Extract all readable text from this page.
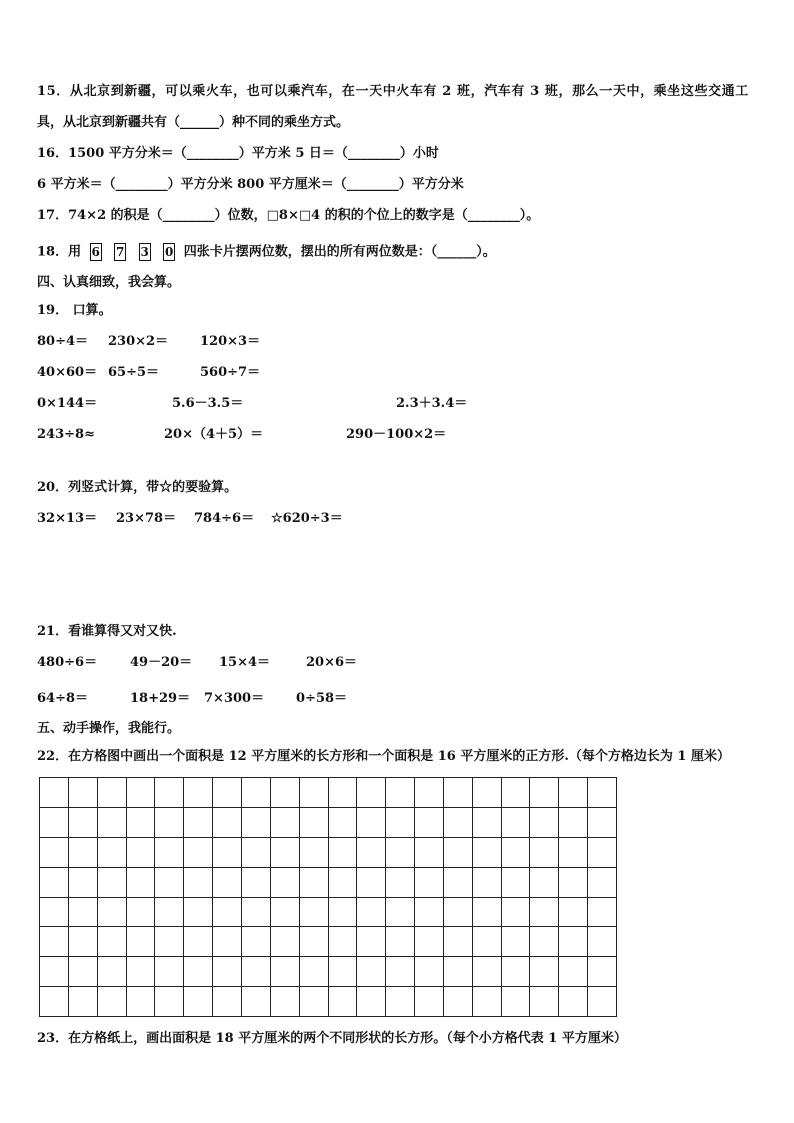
15．从北京到新疆，可以乘火车，也可以乘汽车，在一天中火车有 2 班，汽车有 3 班，那么一天中，乘坐这些交通工
具，从北京到新疆共有（______）种不同的乘坐方式。
16．1500 平方分米＝（________）平方米 5 日＝（________）小时
6 平方米＝（________）平方分米 800 平方厘米＝（________）平方分米
17．74×2 的积是（________）位数，□8×□4 的积的个位上的数字是（________）。
18．用 6 7 3 0 四张卡片摆两位数，摆出的所有两位数是：（______）。
四、认真细致，我会算。
19． 口算。
80÷4＝ 230×2＝ 120×3＝
40×60＝ 65÷5＝	560÷7＝
0×144＝	5.6－3.5＝	2.3＋3.4＝
243÷8≈	20×（4＋5）＝	290－100×2＝
20．列竖式计算，带☆的要验算。
32×13＝ 23×78＝ 784÷6＝ ☆620÷3＝
21．看谁算得又对又快.
480÷6＝	49－20＝ 15×4＝	20×6＝
64÷8＝	18+29＝ 7×300＝ 0÷58＝
五、动手操作，我能行。
22．在方格图中画出一个面积是 12 平方厘米的长方形和一个面积是 16 平方厘米的正方形.（每个方格边长为 1 厘米）
23．在方格纸上，画出面积是 18 平方厘米的两个不同形状的长方形。（每个小方格代表 1 平方厘米）
